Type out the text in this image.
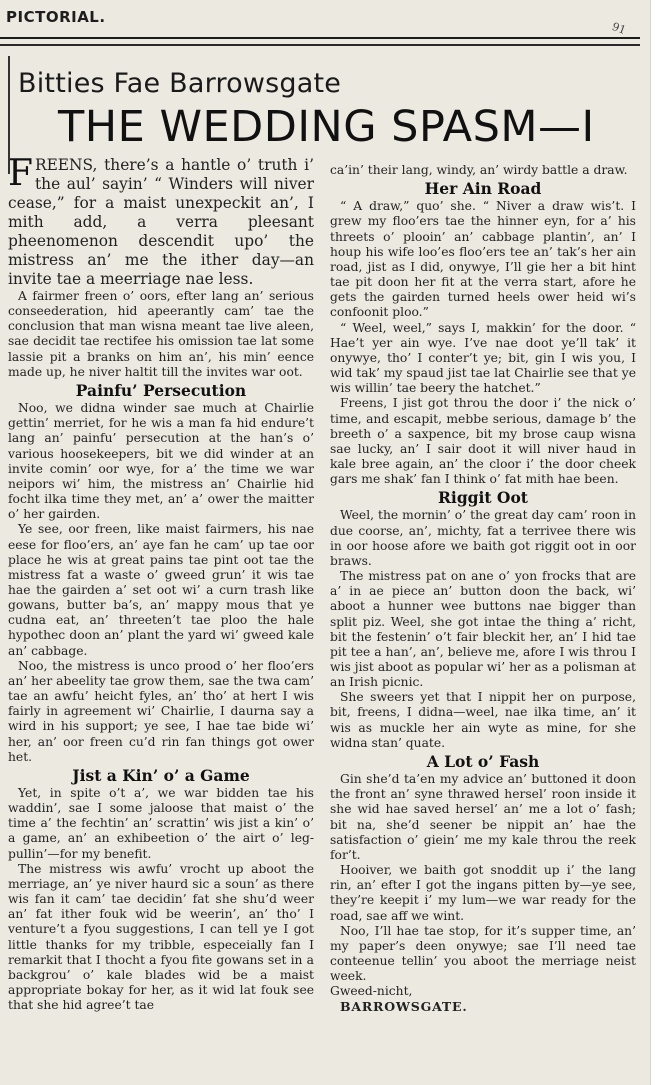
PICTORIAL.
91
Bitties Fae Barrowsgate
THE WEDDING SPASM—I

FREENS, there’s a hantle o’ truth i’ the aul’ sayin’ “ Winders will niver cease,” for a maist unexpeckit an’, I mith add, a verra pleesant pheenomenon descendit upo’ the mistress an’ me the ither day—an invite tae a meerriage nae less.

A fairmer freen o’ oors, efter lang an’ serious conseederation, hid apeerantly cam’ tae the conclusion that man wisna meant tae live aleen, sae decidit tae rectifee his omission tae lat some lassie pit a branks on him an’, his min’ eence made up, he niver haltit till the invites war oot.

Painfu’ Persecution

Noo, we didna winder sae much at Chairlie gettin’ merriet, for he wis a man fa hid endure’t lang an’ painfu’ persecution at the han’s o’ various hoosekeepers, bit we did winder at an invite comin’ oor wye, for a’ the time we war neipors wi’ him, the mistress an’ Chairlie hid focht ilka time they met, an’ a’ ower the maitter o’ her gairden.

Ye see, oor freen, like maist fairmers, his nae eese for floo’ers, an’ aye fan he cam’ up tae oor place he wis at great pains tae pint oot tae the mistress fat a waste o’ gweed grun’ it wis tae hae the gairden a’ set oot wi’ a curn trash like gowans, butter ba’s, an’ mappy mous that ye cudna eat, an’ threeten’t tae ploo the hale hypothec doon an’ plant the yard wi’ gweed kale an’ cabbage.

Noo, the mistress is unco prood o’ her floo’ers an’ her abeelity tae grow them, sae the twa cam’ tae an awfu’ heicht fyles, an’ tho’ at hert I wis fairly in agreement wi’ Chairlie, I daurna say a wird in his support; ye see, I hae tae bide wi’ her, an’ oor freen cu’d rin fan things got ower het.

Jist a Kin’ o’ a Game

Yet, in spite o’t a’, we war bidden tae his waddin’, sae I some jaloose that maist o’ the time a’ the fechtin’ an’ scrattin’ wis jist a kin’ o’ a game, an’ an exhibeetion o’ the airt o’ leg-pullin’—for my benefit.

The mistress wis awfu’ vrocht up aboot the merriage, an’ ye niver haurd sic a soun’ as there wis fan it cam’ tae decidin’ fat she shu’d weer an’ fat ither fouk wid be weerin’, an’ tho’ I venture’t a fyou suggestions, I can tell ye I got little thanks for my tribble, especeially fan I remarkit that I thocht a fyou fite gowans set in a backgrou’ o’ kale blades wid be a maist appropriate bokay for her, as it wid lat fouk see that she hid agree’t tae

ca’in’ their lang, windy, an’ wirdy battle a draw.

Her Ain Road

“ A draw,” quo’ she. “ Niver a draw wis’t. I grew my floo’ers tae the hinner eyn, for a’ his threets o’ plooin’ an’ cabbage plantin’, an’ I houp his wife loo’es floo’ers tee an’ tak’s her ain road, jist as I did, onywye, I’ll gie her a bit hint tae pit doon her fit at the verra start, afore he gets the gairden turned heels ower heid wi’s confoonit ploo.”

“ Weel, weel,” says I, makkin’ for the door. “ Hae’t yer ain wye. I’ve nae doot ye’ll tak’ it onywye, tho’ I conter’t ye; bit, gin I wis you, I wid tak’ my spaud jist tae lat Chairlie see that ye wis willin’ tae beery the hatchet.”

Freens, I jist got throu the door i’ the nick o’ time, and escapit, mebbe serious, damage b’ the breeth o’ a saxpence, bit my brose caup wisna sae lucky, an’ I sair doot it will niver haud in kale bree again, an’ the cloor i’ the door cheek gars me shak’ fan I think o’ fat mith hae been.

Riggit Oot

Weel, the mornin’ o’ the great day cam’ roon in due coorse, an’, michty, fat a terrivee there wis in oor hoose afore we baith got riggit oot in oor braws.

The mistress pat on ane o’ yon frocks that are a’ in ae piece an’ button doon the back, wi’ aboot a hunner wee buttons nae bigger than split piz. Weel, she got intae the thing a’ richt, bit the festenin’ o’t fair bleckit her, an’ I hid tae pit tee a han’, an’, believe me, afore I wis throu I wis jist aboot as popular wi’ her as a polisman at an Irish picnic.

She sweers yet that I nippit her on purpose, bit, freens, I didna—weel, nae ilka time, an’ it wis as muckle her ain wyte as mine, for she widna stan’ quate.

A Lot o’ Fash

Gin she’d ta’en my advice an’ buttoned it doon the front an’ syne thrawed hersel’ roon inside it she wid hae saved hersel’ an’ me a lot o’ fash; bit na, she’d seener be nippit an’ hae the satisfaction o’ giein’ me my kale throu the reek for’t.

Hooiver, we baith got snoddit up i’ the lang rin, an’ efter I got the ingans pitten by—ye see, they’re keepit i’ my lum—we war ready for the road, sae aff we wint.

Noo, I’ll hae tae stop, for it’s supper time, an’ my paper’s deen onywye; sae I’ll need tae conteenue tellin’ you aboot the merriage neist week.

Gweed-nicht,

BARROWSGATE.
